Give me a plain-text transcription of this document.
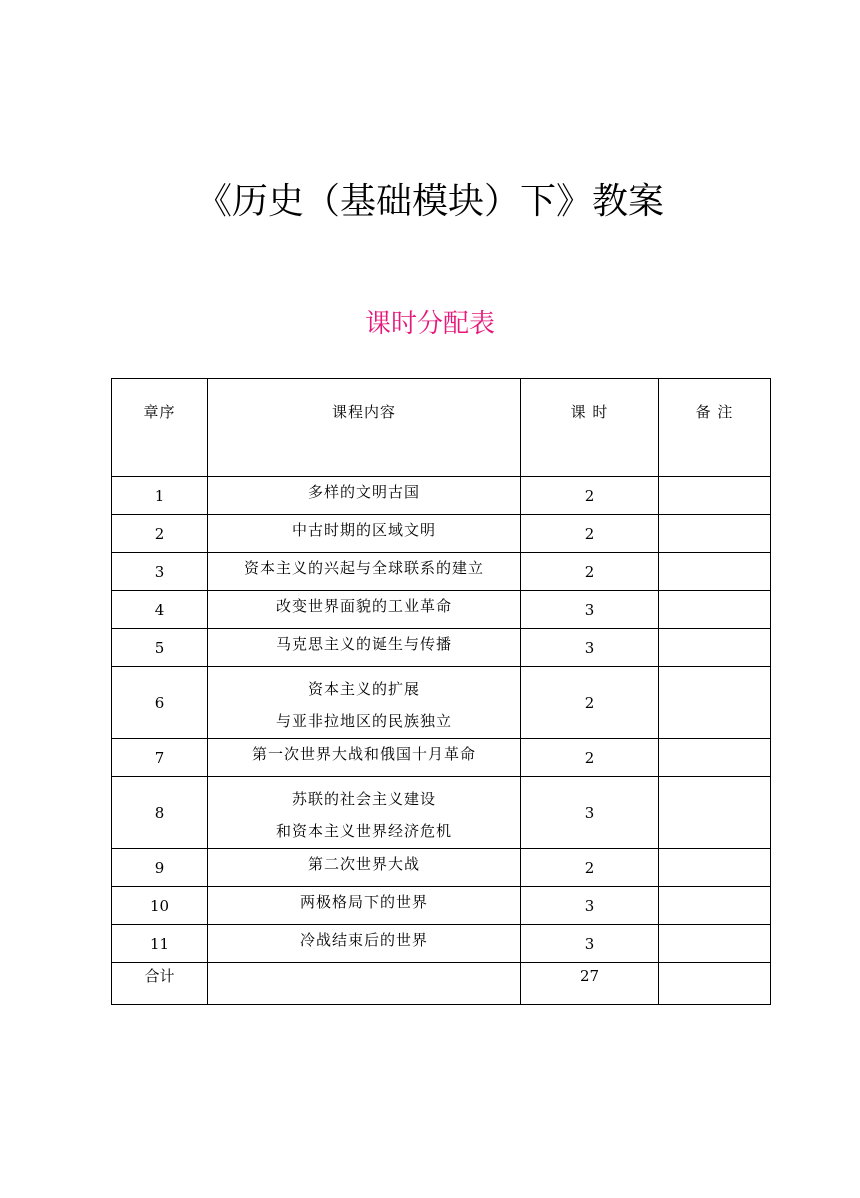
《历史（基础模块）下》教案
课时分配表
章序	课程内容	课 时	备 注
1	多样的文明古国	2	
2	中古时期的区域文明	2	
3	资本主义的兴起与全球联系的建立	2	
4	改变世界面貌的工业革命	3	
5	马克思主义的诞生与传播	3	
6	资本主义的扩展
与亚非拉地区的民族独立	2	
7	第一次世界大战和俄国十月革命	2	
8	苏联的社会主义建设
和资本主义世界经济危机	3	
9	第二次世界大战	2	
10	两极格局下的世界	3	
11	冷战结束后的世界	3	
合计		27	
